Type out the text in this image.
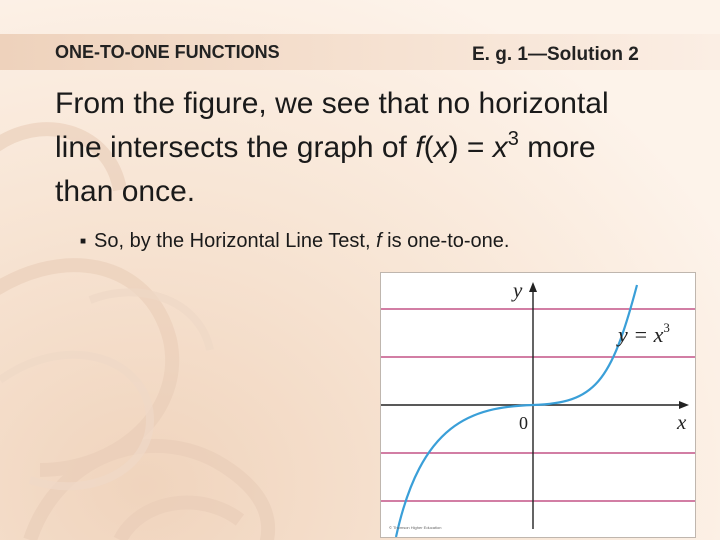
ONE-TO-ONE FUNCTIONS	E. g. 1—Solution 2
From the figure, we see that no horizontal
line intersects the graph of $f(x) = x^3$ more
than once.
■ So, by the Horizontal Line Test, f is one-to-one.
y
x
0
$y = x^3$
© Thomson Higher Education
